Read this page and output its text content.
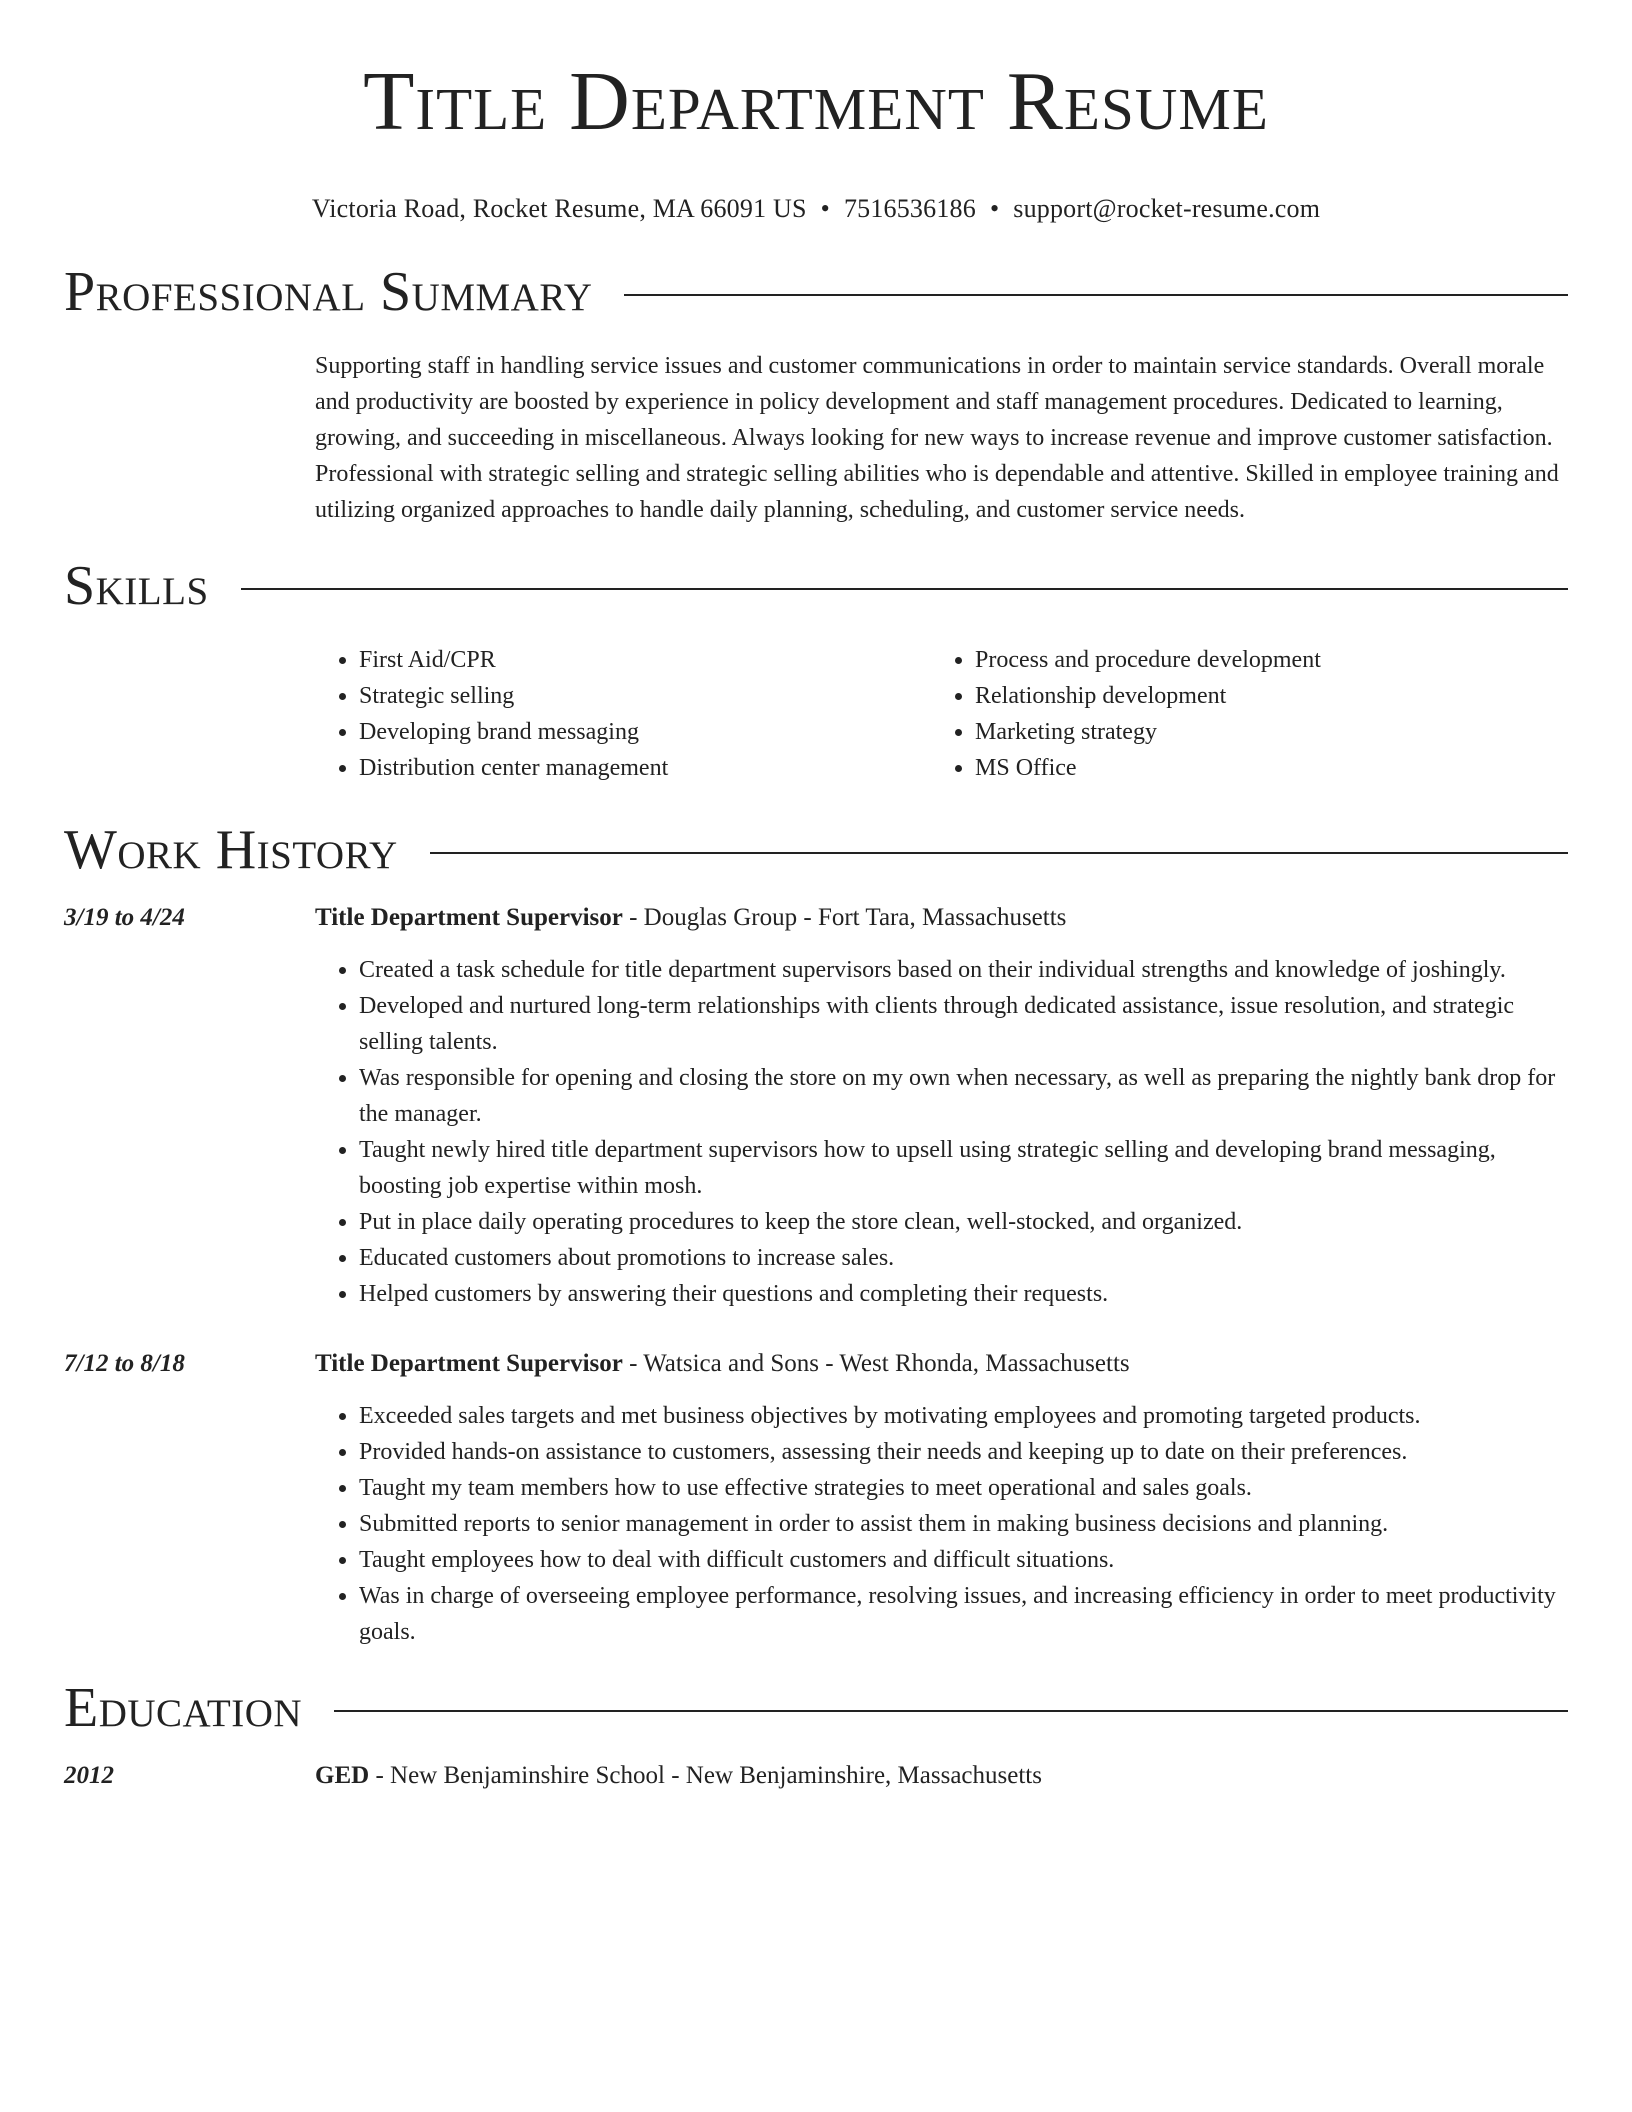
Title Department Resume
Victoria Road, Rocket Resume, MA 66091 US • 7516536186 • support@rocket-resume.com
Professional Summary

Supporting staff in handling service issues and customer communications in order to maintain service standards. Overall morale and productivity are boosted by experience in policy development and staff management procedures. Dedicated to learning, growing, and succeeding in miscellaneous. Always looking for new ways to increase revenue and improve customer satisfaction. Professional with strategic selling and strategic selling abilities who is dependable and attentive. Skilled in employee training and utilizing organized approaches to handle daily planning, scheduling, and customer service needs.

Skills
• First Aid/CPR
• Strategic selling
• Developing brand messaging
• Distribution center management
• Process and procedure development
• Relationship development
• Marketing strategy
• MS Office
Work History
3/19 to 4/24	Title Department Supervisor - Douglas Group - Fort Tara, Massachusetts
• Created a task schedule for title department supervisors based on their individual strengths and knowledge of joshingly.
• Developed and nurtured long-term relationships with clients through dedicated assistance, issue resolution, and strategic selling talents.
• Was responsible for opening and closing the store on my own when necessary, as well as preparing the nightly bank drop for the manager.
• Taught newly hired title department supervisors how to upsell using strategic selling and developing brand messaging, boosting job expertise within mosh.
• Put in place daily operating procedures to keep the store clean, well-stocked, and organized.
• Educated customers about promotions to increase sales.
• Helped customers by answering their questions and completing their requests.
7/12 to 8/18	Title Department Supervisor - Watsica and Sons - West Rhonda, Massachusetts
• Exceeded sales targets and met business objectives by motivating employees and promoting targeted products.
• Provided hands-on assistance to customers, assessing their needs and keeping up to date on their preferences.
• Taught my team members how to use effective strategies to meet operational and sales goals.
• Submitted reports to senior management in order to assist them in making business decisions and planning.
• Taught employees how to deal with difficult customers and difficult situations.
• Was in charge of overseeing employee performance, resolving issues, and increasing efficiency in order to meet productivity goals.
Education
2012	GED - New Benjaminshire School - New Benjaminshire, Massachusetts
